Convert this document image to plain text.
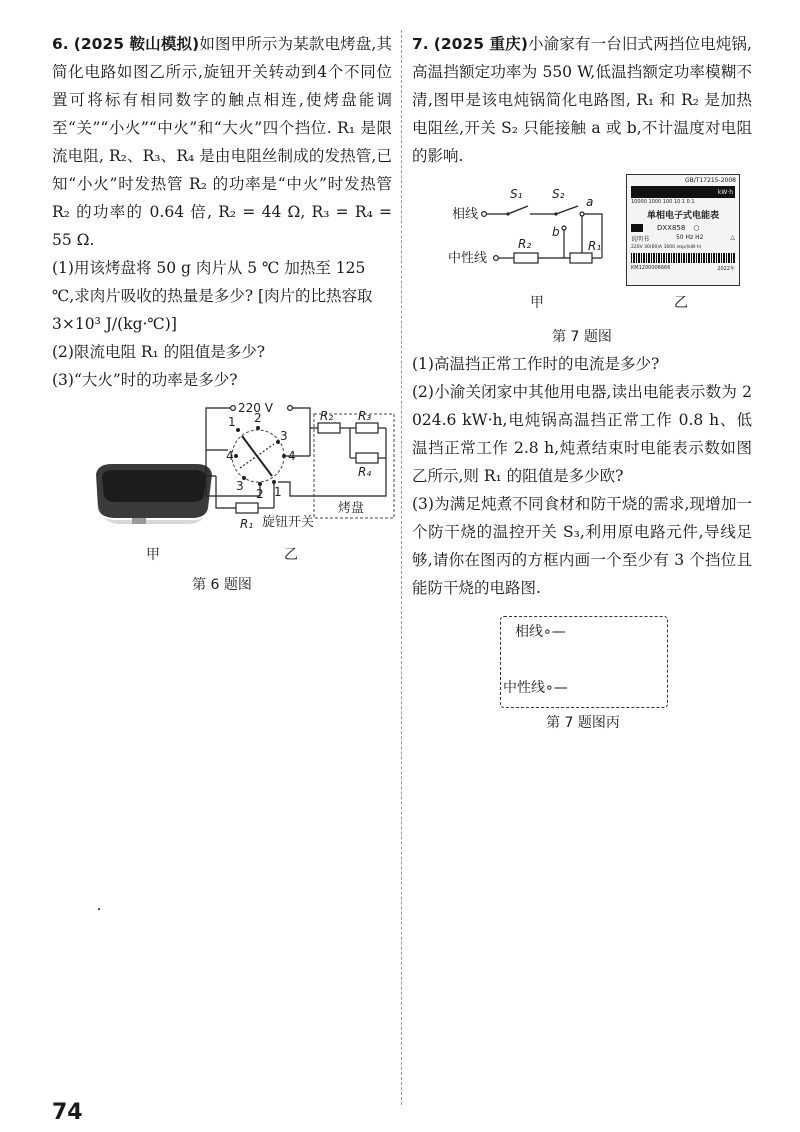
6. (2025 鞍山模拟)如图甲所示为某款电烤盘,其简化电路如图乙所示,旋钮开关转动到4个不同位置可将标有相同数字的触点相连,使烤盘能调至“关”“小火”“中火”和“大火”四个挡位. R₁ 是限流电阻, R₂、R₃、R₄ 是由电阻丝制成的发热管,已知“小火”时发热管 R₂ 的功率是“中火”时发热管 R₂ 的功率的 0.64 倍, R₂ = 44 Ω, R₃ = R₄ = 55 Ω.

(1)用该烤盘将 50 g 肉片从 5 ℃ 加热至 125 ℃,求肉片吸收的热量是多少? [肉片的比热容取 3×10³ J/(kg·℃)]

(2)限流电阻 R₁ 的阻值是多少?

(3)“大火”时的功率是多少?

甲
220 V
1 2
3
4
4
3
2 1
R₁
R₂ R₃
R₄
烤盘
旋钮开关
乙
第 6 题图

7. (2025 重庆)小渝家有一台旧式两挡位电炖锅,高温挡额定功率为 550 W,低温挡额定功率模糊不清,图甲是该电炖锅简化电路图, R₁ 和 R₂ 是加热电阻丝,开关 S₂ 只能接触 a 或 b,不计温度对电阻的影响.

相线
S₁ S₂
a
b
R₁
中性线
R₂
甲
GB/T17215-2008
kW·h
10000 1000 100 10 1 0.1
单相电子式电能表
DXX858 ○
说明书	50 Hz H2	△
220V 30(60)A 1600 imp/(kW·h)
KM1200006666	2022年
乙
第 7 题图

(1)高温挡正常工作时的电流是多少?

(2)小渝关闭家中其他用电器,读出电能表示数为 2 024.6 kW·h,电炖锅高温挡正常工作 0.8 h、低温挡正常工作 2.8 h,炖煮结束时电能表示数如图乙所示,则 R₁ 的阻值是多少欧?

(3)为满足炖煮不同食材和防干烧的需求,现增加一个防干烧的温控开关 S₃,利用原电路元件,导线足够,请你在图丙的方框内画一个至少有 3 个挡位且能防干烧的电路图.

相线∘—
中性线∘—
第 7 题图丙
74
